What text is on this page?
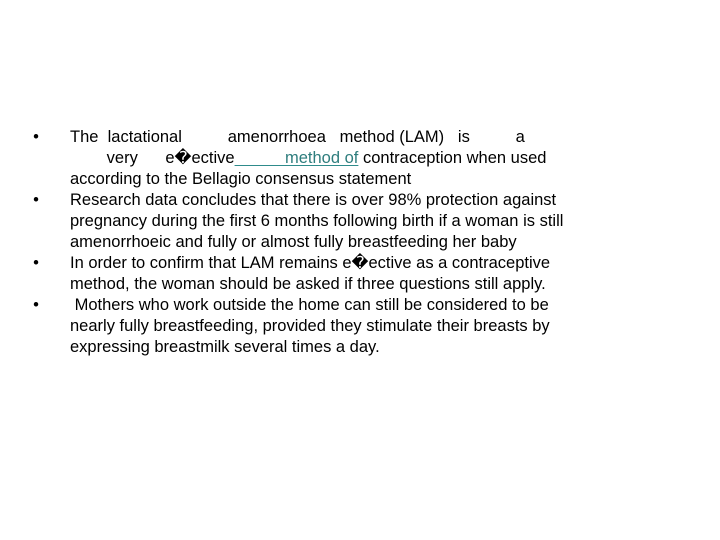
• The  lactational          amenorrhoea   method (LAM)   is          a
very      e�ective	method of contraception when used
according to the Bellagio consensus statement
• Research data concludes that there is over 98% protection against
pregnancy during the first 6 months following birth if a woman is still
amenorrhoeic and fully or almost fully breastfeeding her baby
• In order to confirm that LAM remains e�ective as a contraceptive
method, the woman should be asked if three questions still apply.
• Mothers who work outside the home can still be considered to be
nearly fully breastfeeding, provided they stimulate their breasts by
expressing breastmilk several times a day.
